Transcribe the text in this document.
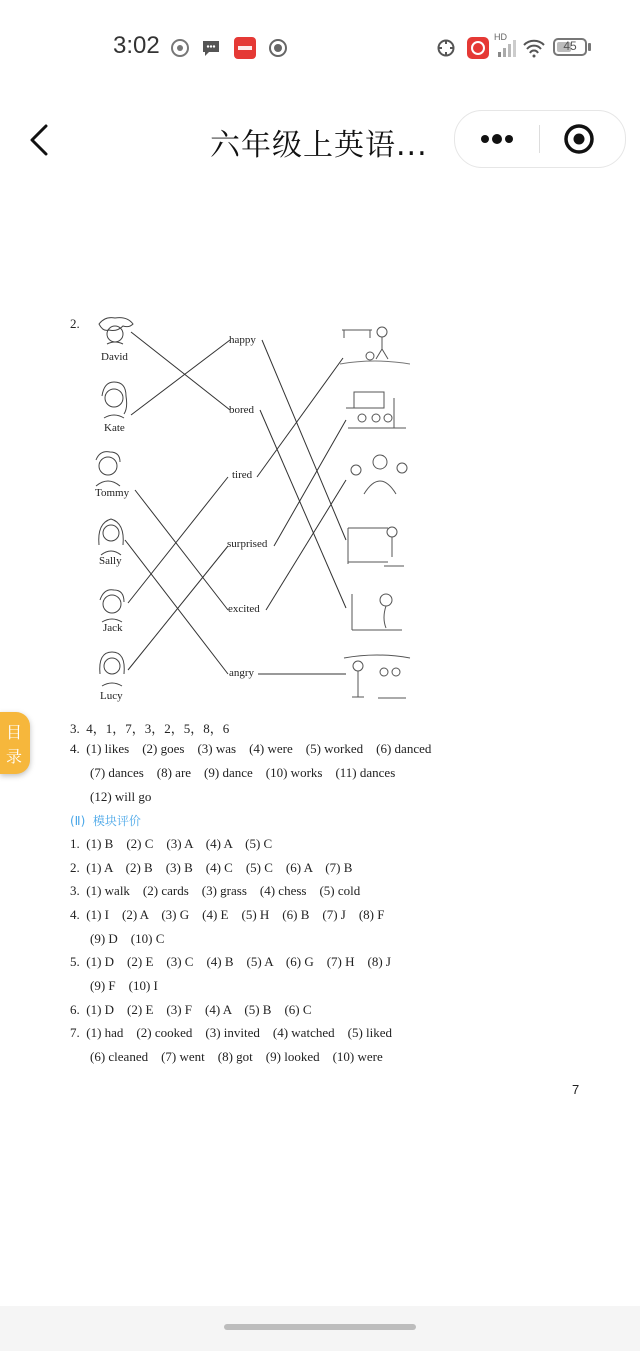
3:02	HD
45
六年级上英语...
2.
David
Kate
Tommy
Sally
Jack
Lucy
happy
bored
tired
surprised
excited
angry
3.  4，1，7，3，2，5，8，6
4.  (1) likes    (2) goes    (3) was    (4) were    (5) worked    (6) danced
(7) dances    (8) are    (9) dance    (10) works    (11) dances
(12) will go
(Ⅱ)  模块评价
1.  (1) B    (2) C    (3) A    (4) A    (5) C
2.  (1) A    (2) B    (3) B    (4) C    (5) C    (6) A    (7) B
3.  (1) walk    (2) cards    (3) grass    (4) chess    (5) cold
4.  (1) I    (2) A    (3) G    (4) E    (5) H    (6) B    (7) J    (8) F
(9) D    (10) C
5.  (1) D    (2) E    (3) C    (4) B    (5) A    (6) G    (7) H    (8) J
(9) F    (10) I
6.  (1) D    (2) E    (3) F    (4) A    (5) B    (6) C
7.  (1) had    (2) cooked    (3) invited    (4) watched    (5) liked
(6) cleaned    (7) went    (8) got    (9) looked    (10) were
7
目
录
